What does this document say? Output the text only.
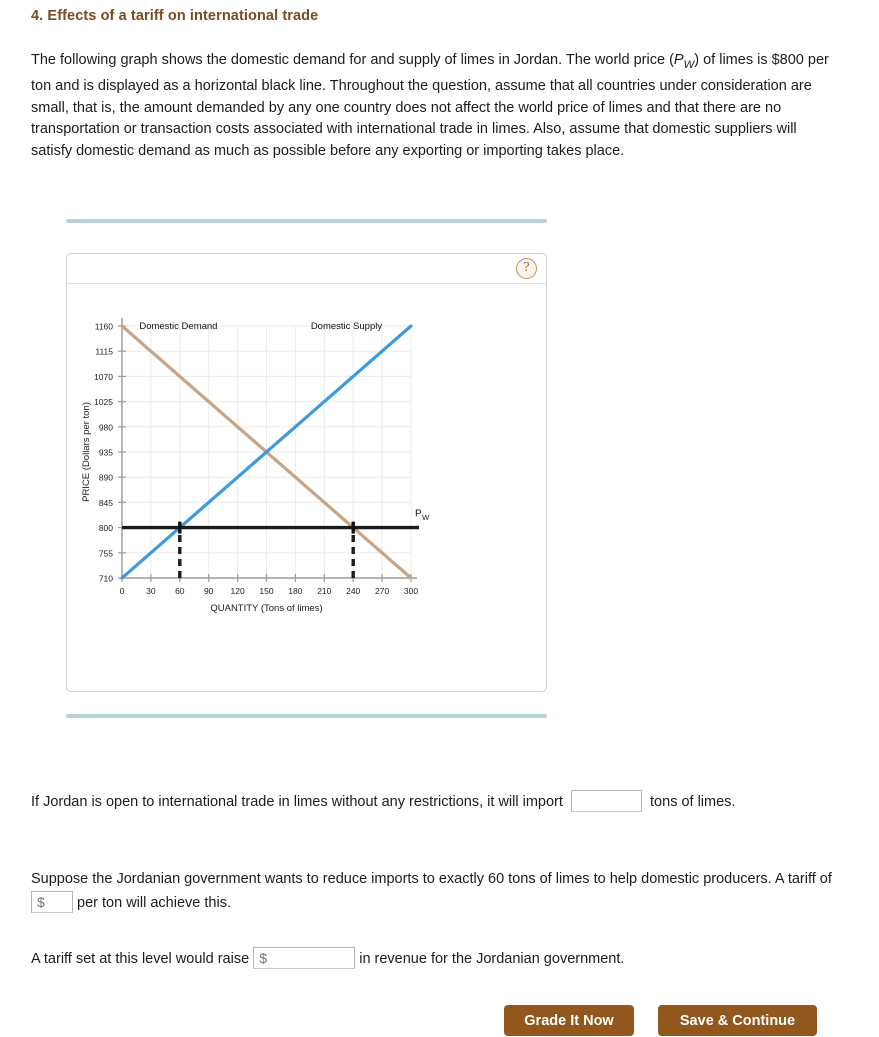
4. Effects of a tariff on international trade
The following graph shows the domestic demand for and supply of limes in Jordan. The world price $(P_W)$ of limes is $800 per ton and is displayed as a horizontal black line. Throughout the question, assume that all countries under consideration are small, that is, the amount demanded by any one country does not affect the world price of limes and that there are no transportation or transaction costs associated with international trade in limes. Also, assume that domestic suppliers will satisfy domestic demand as much as possible before any exporting or importing takes place.
?
710
755
800
845
890
935
980
1025
1070
1115
1160
0	30 60 90 120 150 180 210 240 270 300
QUANTITY (Tons of limes)
PRICE (Dollars per ton)
Domestic Demand	Domestic Supply
$P_W$
If Jordan is open to international trade in limes without any restrictions, it will import	tons of limes.
Suppose the Jordanian government wants to reduce imports to exactly 60 tons of limes to help domestic producers. A tariff of $ per ton will achieve this.
A tariff set at this level would raise $	in revenue for the Jordanian government.
Grade It Now	Save & Continue
